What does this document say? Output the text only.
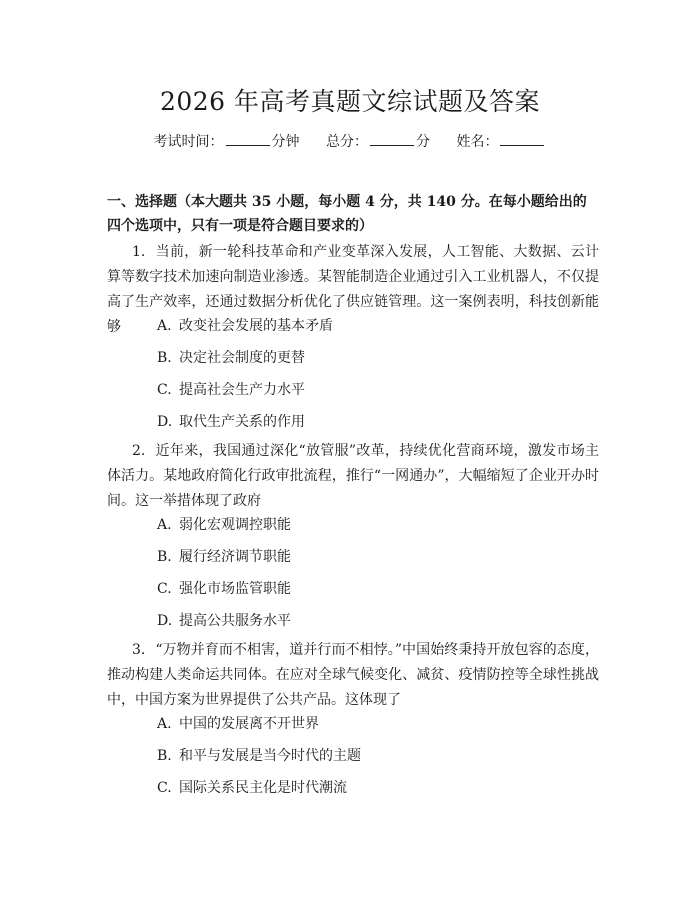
2026 年高考真题文综试题及答案
考试时间：	分钟 总分：	分 姓名：
一、选择题（本大题共 35 小题，每小题 4 分，共 140 分。在每小题给出的四个选项中，只有一项是符合题目要求的）
1. 当前，新一轮科技革命和产业变革深入发展，人工智能、大数据、云计算等数字技术加速向制造业渗透。某智能制造企业通过引入工业机器人，不仅提高了生产效率，还通过数据分析优化了供应链管理。这一案例表明，科技创新能够	A. 改变社会发展的基本矛盾
B. 决定社会制度的更替
C. 提高社会生产力水平
D. 取代生产关系的作用
2. 近年来，我国通过深化“放管服”改革，持续优化营商环境，激发市场主体活力。某地政府简化行政审批流程，推行“一网通办”，大幅缩短了企业开办时间。这一举措体现了政府
A. 弱化宏观调控职能
B. 履行经济调节职能
C. 强化市场监管职能
D. 提高公共服务水平
3. “万物并育而不相害，道并行而不相悖。”中国始终秉持开放包容的态度，推动构建人类命运共同体。在应对全球气候变化、减贫、疫情防控等全球性挑战中，中国方案为世界提供了公共产品。这体现了
A. 中国的发展离不开世界
B. 和平与发展是当今时代的主题
C. 国际关系民主化是时代潮流
